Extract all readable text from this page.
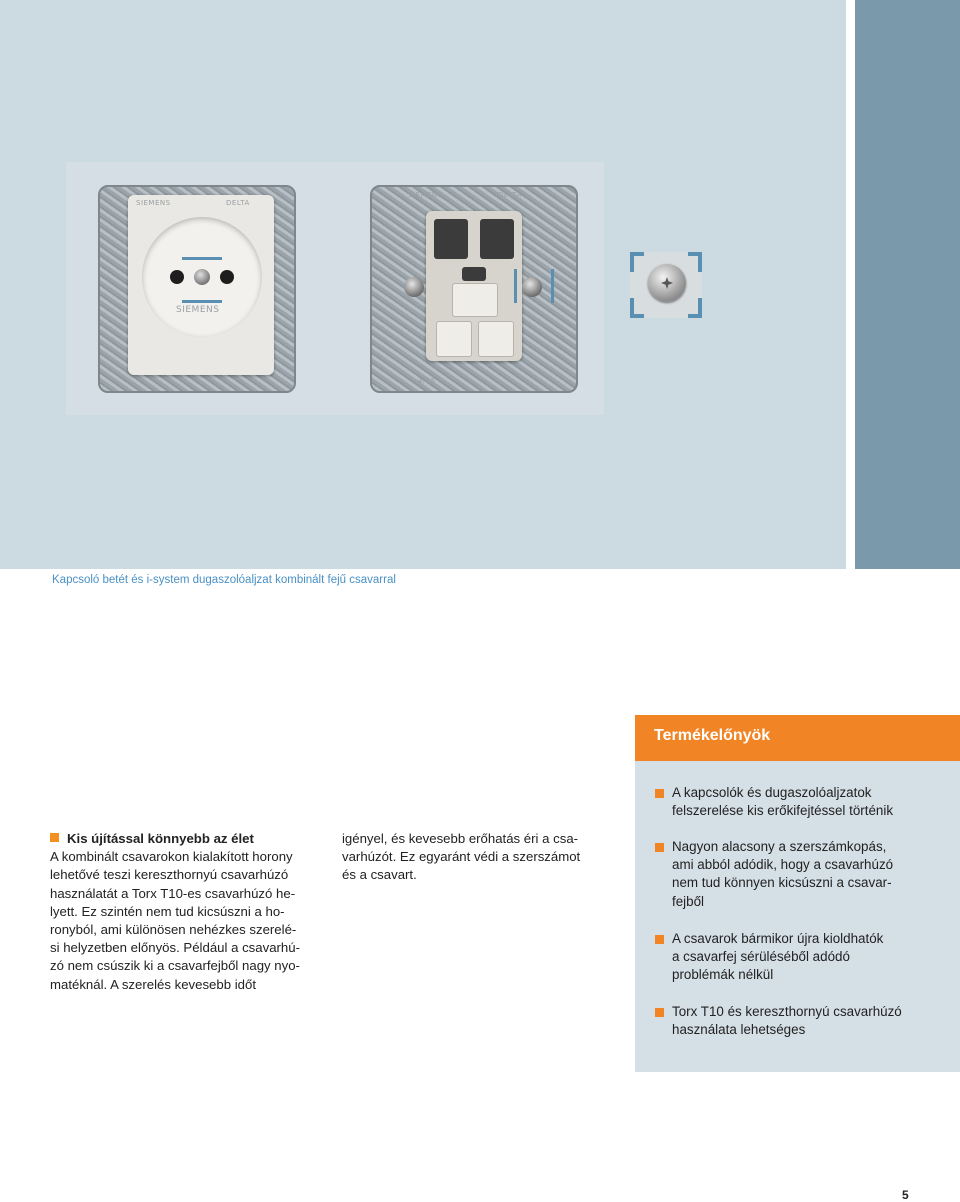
SIEMENS	DELTA
SIEMENS
SIEMENS	DELTA
4/05
Kapcsoló betét és i-system dugaszolóaljzat kombinált fejű csavarral
Kis újítással könnyebb az élet
A kombinált csavarokon kialakított horony
lehetővé teszi kereszthornyú csavarhúzó
használatát a Torx T10-es csavarhúzó he-
lyett. Ez szintén nem tud kicsúszni a ho-
ronyból, ami különösen nehézkes szerelé-
si helyzetben előnyös. Például a csavarhú-
zó nem csúszik ki a csavarfejből nagy nyo-
matéknál. A szerelés kevesebb időt
igényel, és kevesebb erőhatás éri a csa-
varhúzót. Ez egyaránt védi a szerszámot
és a csavart.
Termékelőnyök
A kapcsolók és dugaszolóaljzatok
felszerelése kis erőkifejtéssel történik
Nagyon alacsony a szerszámkopás,
ami abból adódik, hogy a csavarhúzó
nem tud könnyen kicsúszni a csavar-
fejből
A csavarok bármikor újra kioldhatók
a csavarfej sérüléséből adódó
problémák nélkül
Torx T10 és kereszthornyú csavarhúzó
használata lehetséges
5
